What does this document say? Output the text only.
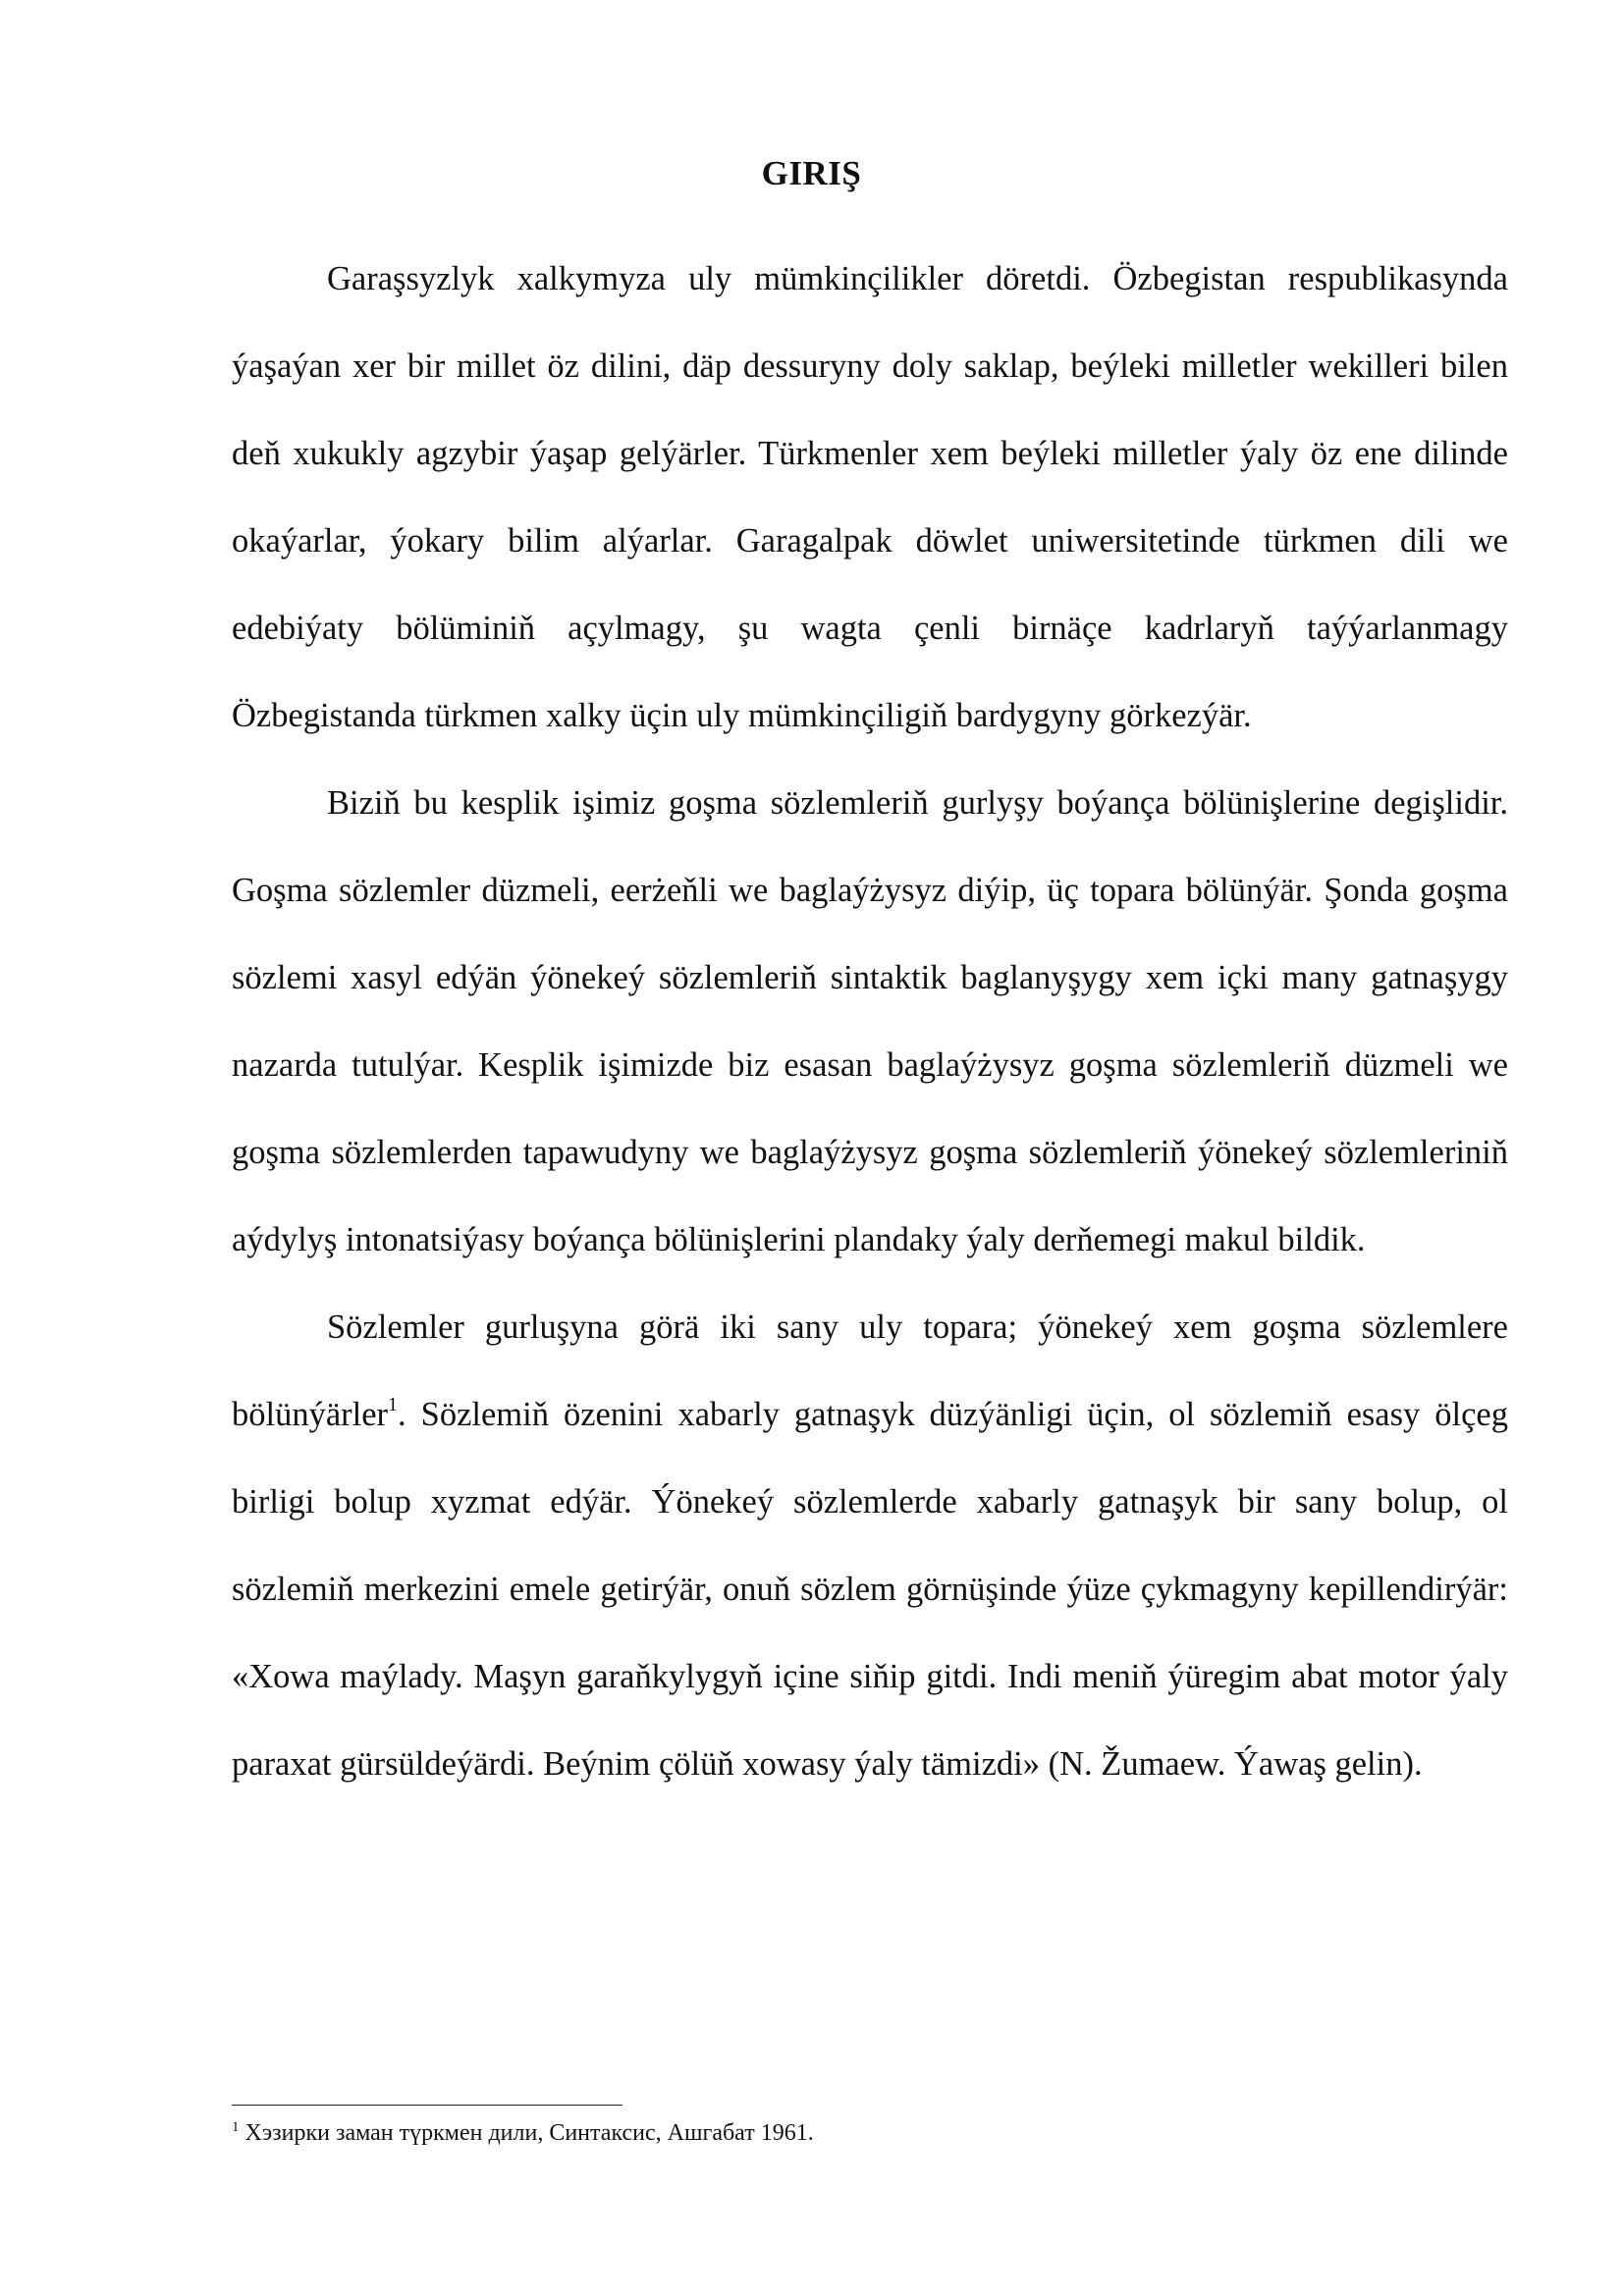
GIRIŞ

Garaşsyzlyk xalkymyza uly mümkinçilikler döretdi. Özbegistan respublikasynda ýaşaýan xer bir millet öz dilini, däp dessuryny doly saklap, beýleki milletler wekilleri bilen deň xukukly agzybir ýaşap gelýärler. Türkmenler xem beýleki milletler ýaly öz ene dilinde okaýarlar, ýokary bilim alýarlar. Garagalpak döwlet uniwersitetinde türkmen dili we edebiýaty bölüminiň açylmagy, şu wagta çenli birnäçe kadrlaryň taýýarlanmagy Özbegistanda türkmen xalky üçin uly mümkinçiligiň bardygyny görkezýär.

Biziň bu kesplik işimiz goşma sözlemleriň gurlyşy boýança bölünişlerine degişlidir. Goşma sözlemler düzmeli, eerżeňli we baglaýżysyz diýip, üç topara bölünýär. Şonda goşma sözlemi xasyl edýän ýönekeý sözlemleriň sintaktik baglanyşygy xem içki many gatnaşygy nazarda tutulýar. Kesplik işimizde biz esasan baglaýżysyz goşma sözlemleriň düzmeli we goşma sözlemlerden tapawudyny we baglaýżysyz goşma sözlemleriň ýönekeý sözlemleriniň aýdylyş intonatsiýasy boýança bölünişlerini plandaky ýaly derňemegi makul bildik.

Sözlemler gurluşyna görä iki sany uly topara; ýönekeý xem goşma sözlemlere bölünýärler$^1$. Sözlemiň özenini xabarly gatnaşyk düzýänligi üçin, ol sözlemiň esasy ölçeg birligi bolup xyzmat edýär. Ýönekeý sözlemlerde xabarly gatnaşyk bir sany bolup, ol sözlemiň merkezini emele getirýär, onuň sözlem görnüşinde ýüze çykmagyny kepillendirýär: «Xowa maýlady. Maşyn garaňkylygyň içine siňip gitdi. Indi meniň ýüregim abat motor ýaly paraxat gürsüldeýärdi. Beýnim çölüň xowasy ýaly tämizdi» (N. Žumaew. Ýawaş gelin).

$^1$ Хэзирки заман түркмен дили, Синтаксис, Ашгабат 1961.
